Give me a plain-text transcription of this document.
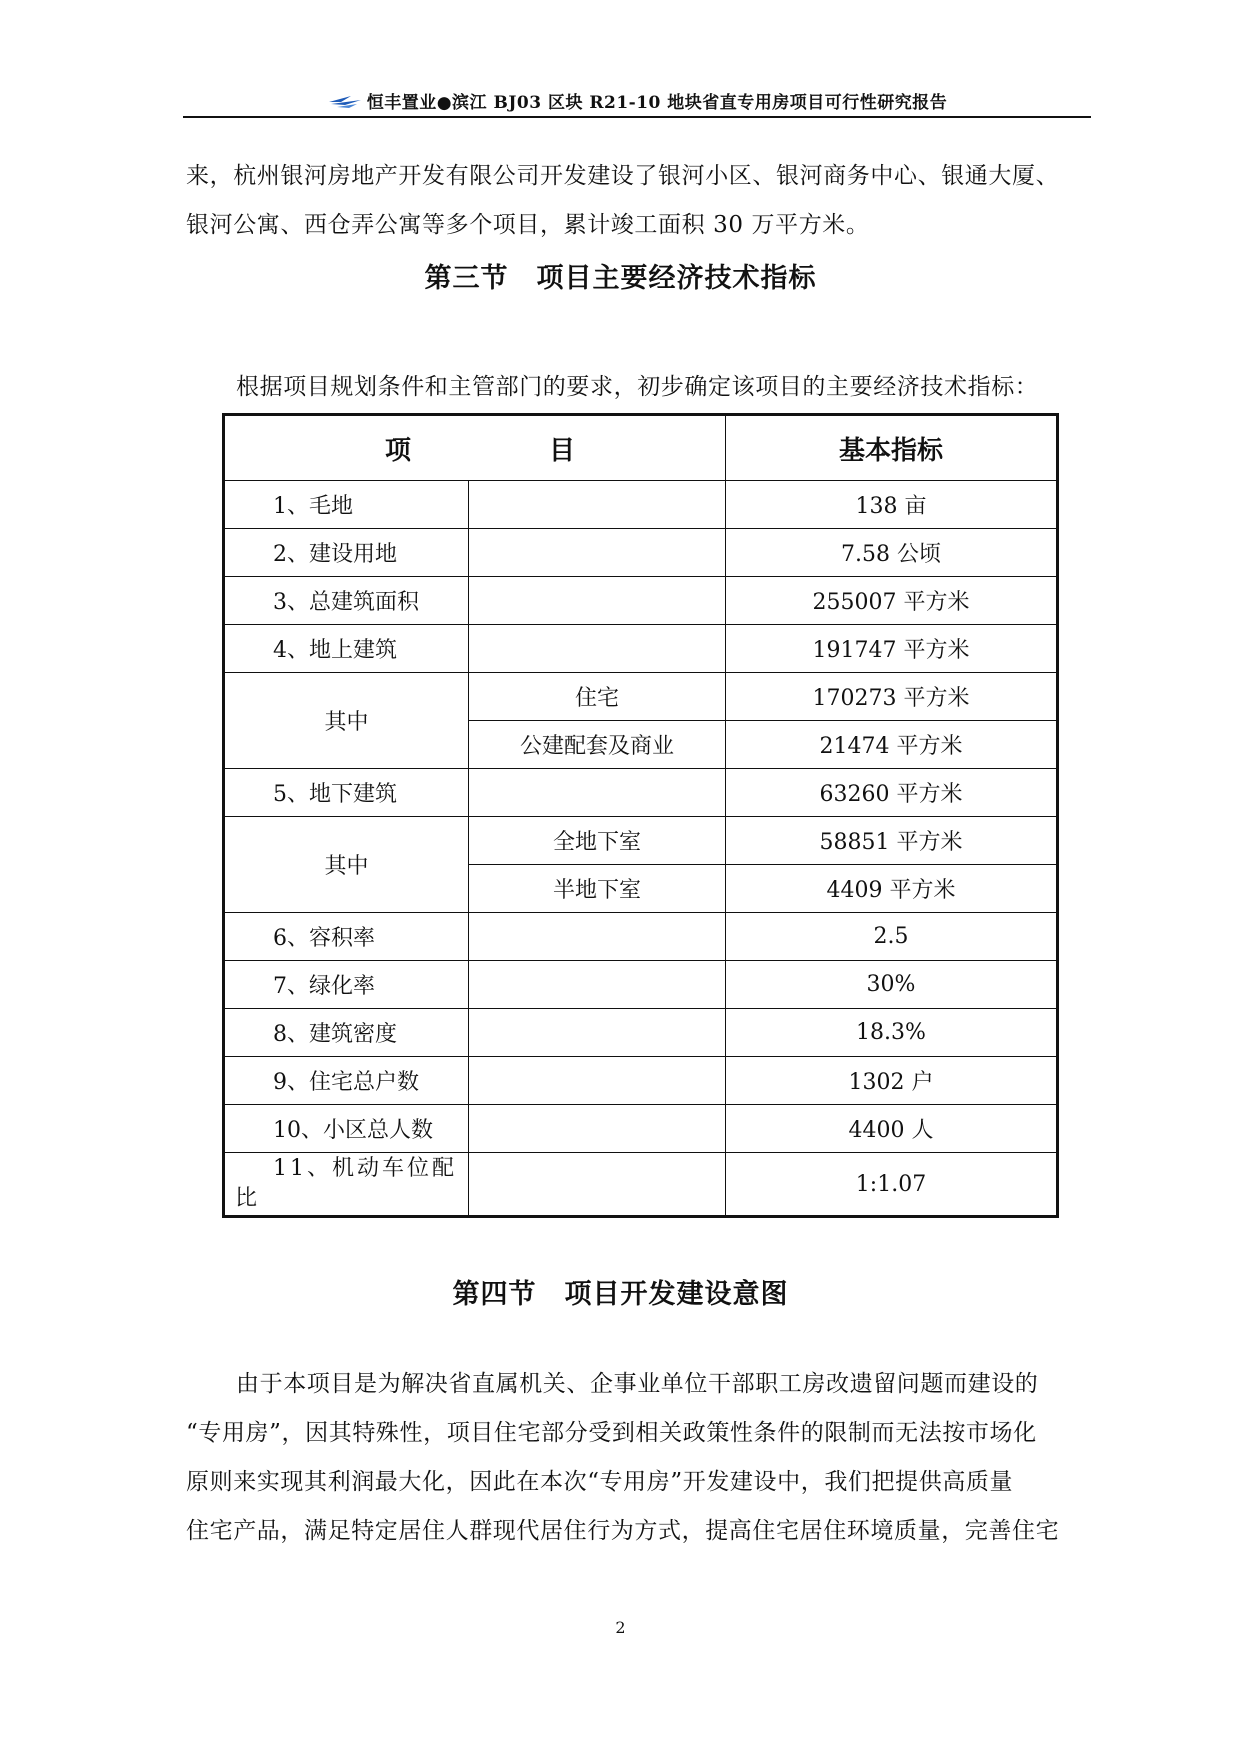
恒丰置业●滨江 BJ03 区块 R21-10 地块省直专用房项目可行性研究报告
来，杭州银河房地产开发有限公司开发建设了银河小区、银河商务中心、银通大厦、
银河公寓、西仓弄公寓等多个项目，累计竣工面积 30 万平方米。
第三节　项目主要经济技术指标
根据项目规划条件和主管部门的要求，初步确定该项目的主要经济技术指标：
项 目		基本指标
1、毛地		138 亩
2、建设用地		7.58 公顷
3、总建筑面积		255007 平方米
4、地上建筑		191747 平方米
其中	住宅	170273 平方米
	公建配套及商业	21474 平方米
5、地下建筑		63260 平方米
其中	全地下室	58851 平方米
	半地下室	4409 平方米
6、容积率		2.5
7、绿化率		30%
8、建筑密度		18.3%
9、住宅总户数		1302 户
10、小区总人数		4400 人
11、机动车位配比		1:1.07
第四节　项目开发建设意图
由于本项目是为解决省直属机关、企事业单位干部职工房改遗留问题而建设的
“专用房”，因其特殊性，项目住宅部分受到相关政策性条件的限制而无法按市场化
原则来实现其利润最大化，因此在本次“专用房”开发建设中，我们把提供高质量
住宅产品，满足特定居住人群现代居住行为方式，提高住宅居住环境质量，完善住宅
2
